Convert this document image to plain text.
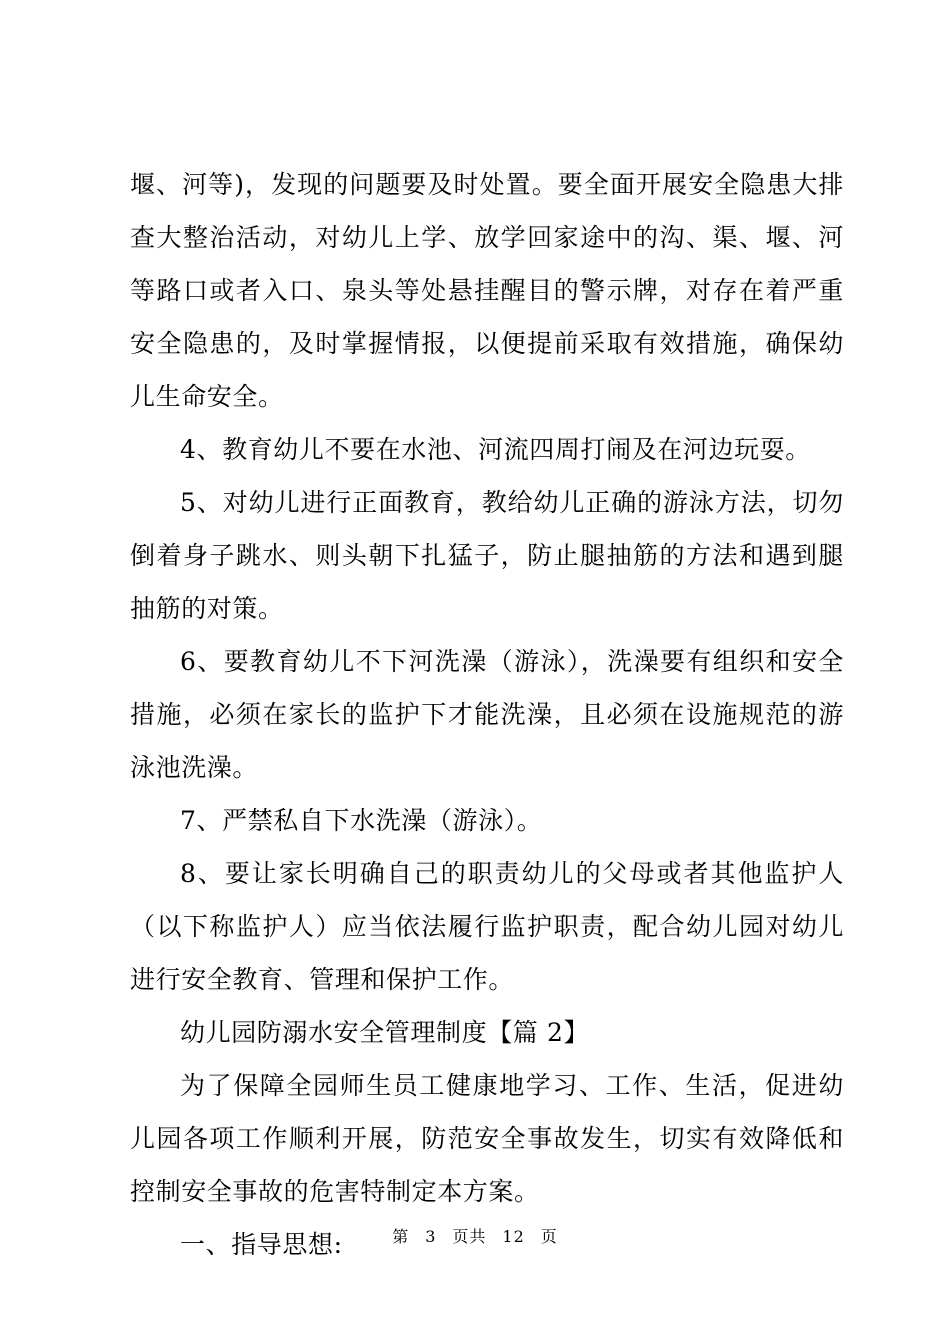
堰、河等)，发现的问题要及时处置。要全面开展安全隐患大排查大整治活动，对幼儿上学、放学回家途中的沟、渠、堰、河等路口或者入口、泉头等处悬挂醒目的警示牌，对存在着严重安全隐患的，及时掌握情报，以便提前采取有效措施，确保幼儿生命安全。

4、教育幼儿不要在水池、河流四周打闹及在河边玩耍。

5、对幼儿进行正面教育，教给幼儿正确的游泳方法，切勿倒着身子跳水、则头朝下扎猛子，防止腿抽筋的方法和遇到腿抽筋的对策。

6、要教育幼儿不下河洗澡（游泳），洗澡要有组织和安全措施，必须在家长的监护下才能洗澡，且必须在设施规范的游泳池洗澡。

7、严禁私自下水洗澡（游泳）。

8、要让家长明确自己的职责幼儿的父母或者其他监护人（以下称监护人）应当依法履行监护职责，配合幼儿园对幼儿进行安全教育、管理和保护工作。

幼儿园防溺水安全管理制度【篇 2】

为了保障全园师生员工健康地学习、工作、生活，促进幼儿园各项工作顺利开展，防范安全事故发生，切实有效降低和控制安全事故的危害特制定本方案。

一、指导思想:	第 3 页共 12 页
